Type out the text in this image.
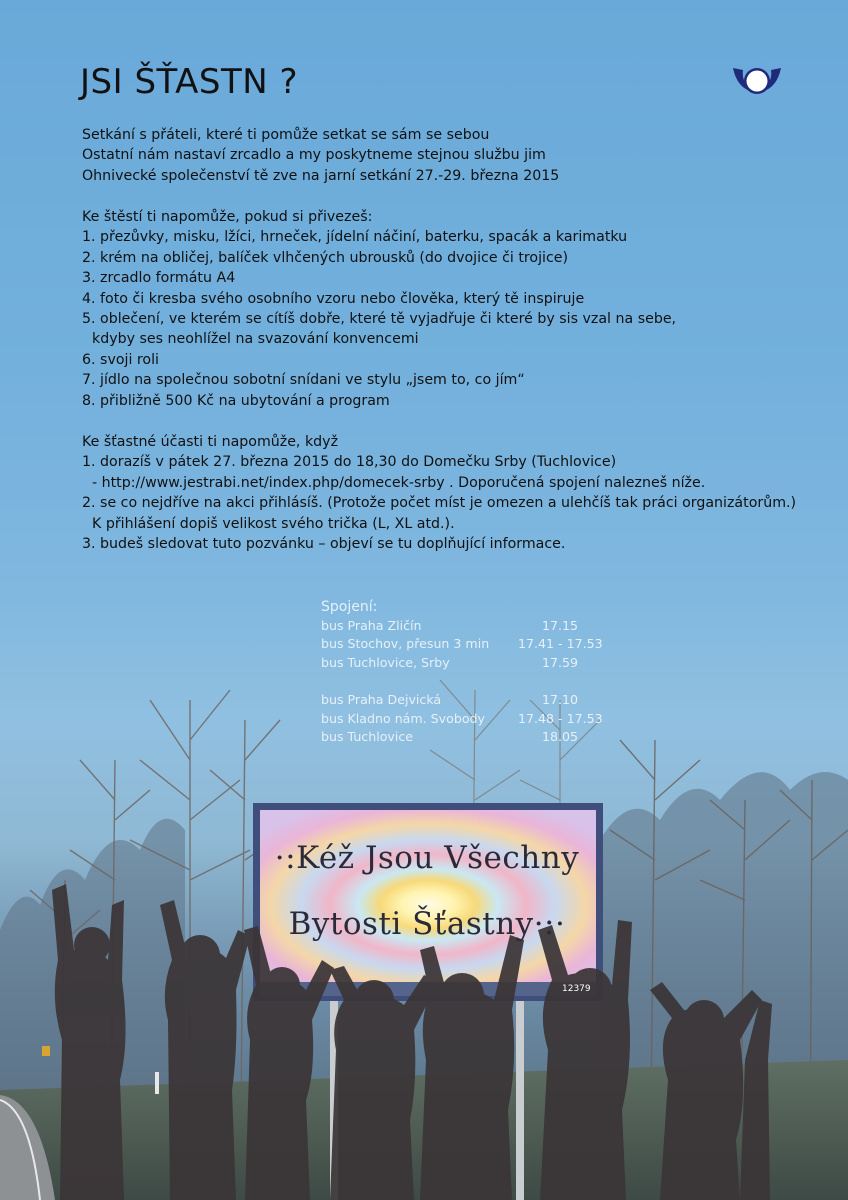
JSI ŠŤASTN ?
Setkání s přáteli, které ti pomůže setkat se sám se sebou
Ostatní nám nastaví zrcadlo a my poskytneme stejnou službu jim
Ohnivecké společenství tě zve na jarní setkání 27.-29. března 2015
Ke štěstí ti napomůže, pokud si přivezeš:
1. přezůvky, misku, lžíci, hrneček, jídelní náčiní, baterku, spacák a karimatku
2. krém na obličej, balíček vlhčených ubrousků (do dvojice či trojice)
3. zrcadlo formátu A4
4. foto či kresba svého osobního vzoru nebo člověka, který tě inspiruje
5. oblečení, ve kterém se cítíš dobře, které tě vyjadřuje či které by sis vzal na sebe,
kdyby ses neohlížel na svazování konvencemi
6. svoji roli
7. jídlo na společnou sobotní snídani ve stylu „jsem to, co jím“
8. přibližně 500 Kč na ubytování a program
Ke šťastné účasti ti napomůže, když
1. dorazíš v pátek 27. března 2015 do 18,30 do Domečku Srby (Tuchlovice)
- http://www.jestrabi.net/index.php/domecek-srby . Doporučená spojení nalezneš níže.
2. se co nejdříve na akci přihlásíš. (Protože počet míst je omezen a ulehčíš tak práci organizátorům.)
K přihlášení dopiš velikost svého trička (L, XL atd.).
3. budeš sledovat tuto pozvánku – objeví se tu doplňující informace.
Spojení:
bus Praha Zličín	17.15
bus Stochov, přesun 3 min 17.41 - 17.53
bus Tuchlovice, Srby	17.59
bus Praha Dejvická	17.10
bus Kladno nám. Svobody	17.48 - 17.53
bus Tuchlovice	18.05
·:Kéž Jsou Všechny
Bytosti Šťastny·:·
12379
